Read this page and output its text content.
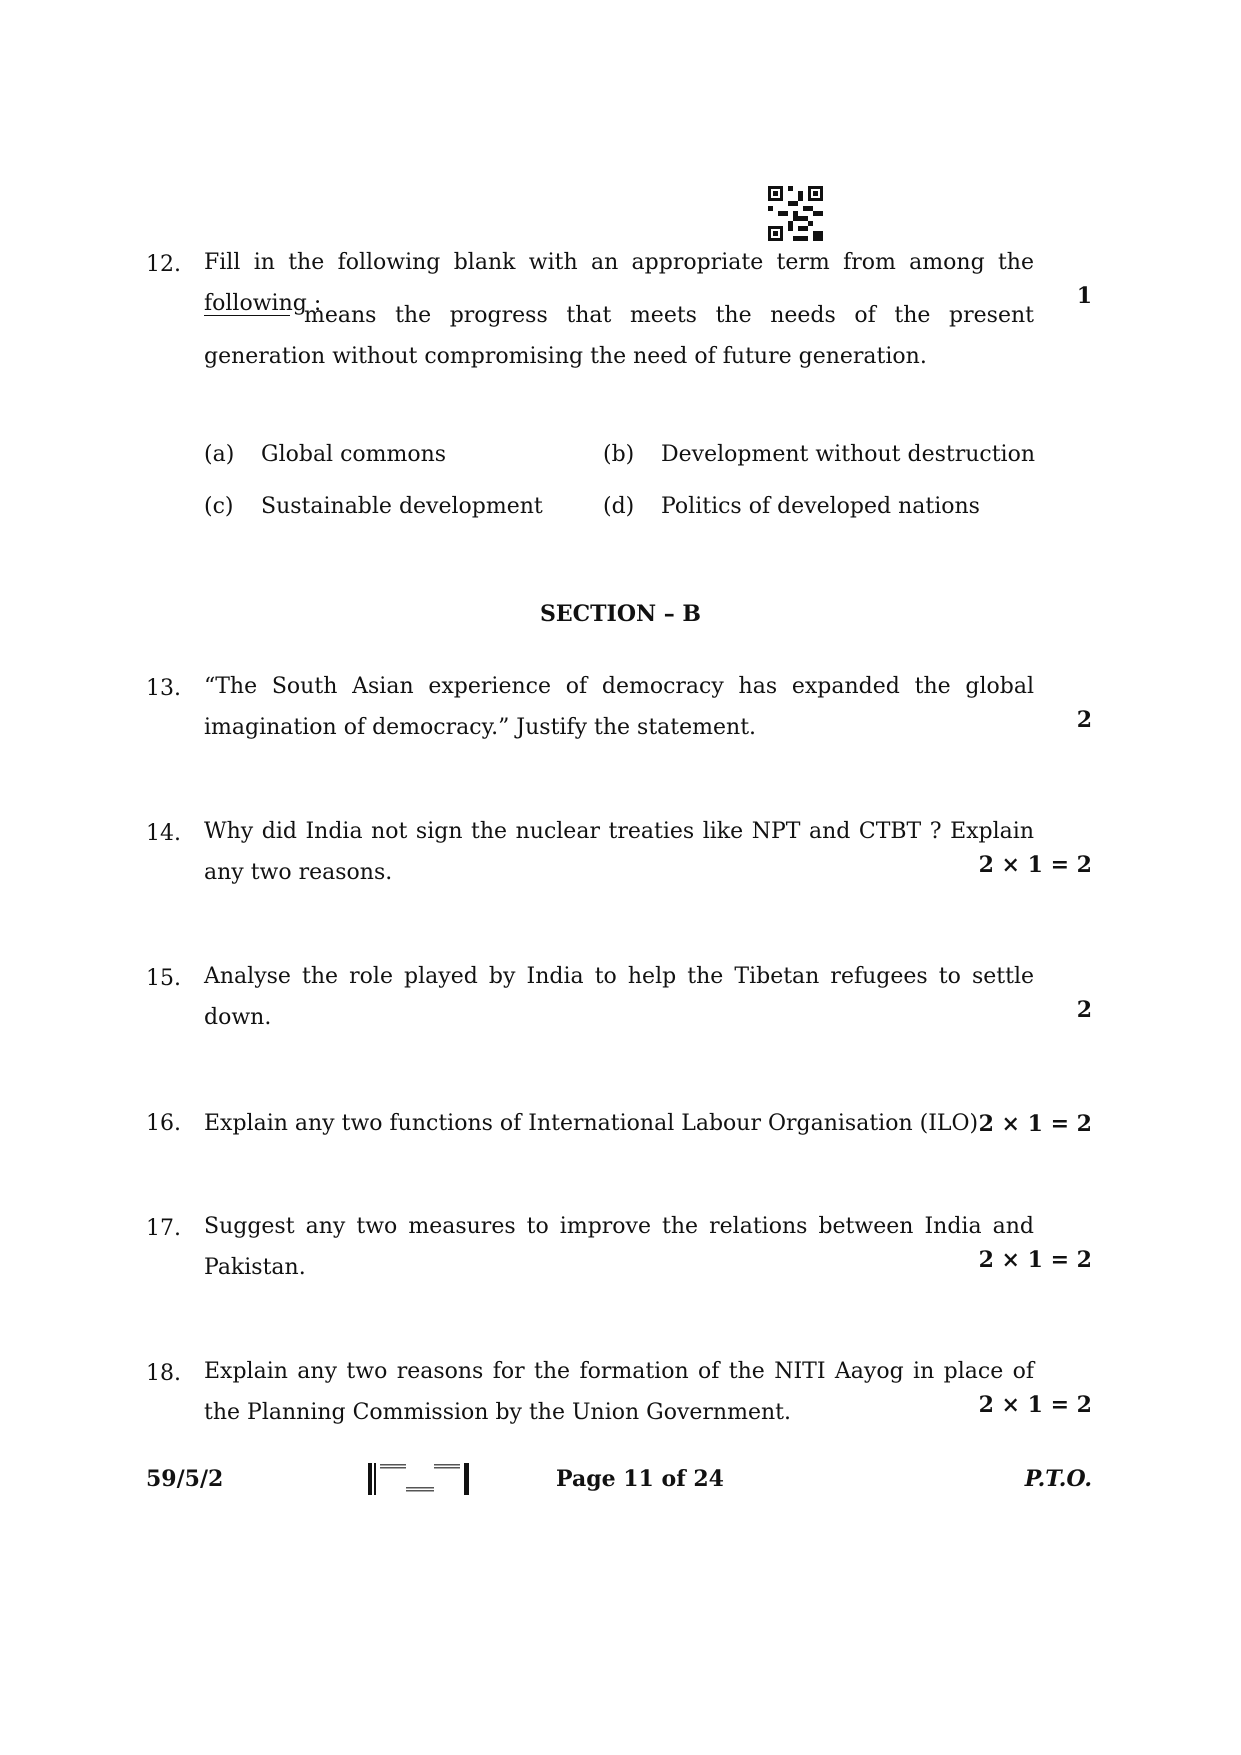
12. Fill in the following blank with an appropriate term from among the
following :	1
means the progress that meets the needs of the present
generation without compromising the need of future generation.
(a) Global commons	(b) Development without destruction
(c) Sustainable development	(d) Politics of developed nations
SECTION – B
13. “The South Asian experience of democracy has expanded the global
imagination of democracy.” Justify the statement.	2
14. Why did India not sign the nuclear treaties like NPT and CTBT ? Explain
any two reasons.	2 × 1 = 2
15. Analyse the role played by India to help the Tibetan refugees to settle
down.	2
16. Explain any two functions of International Labour Organisation (ILO).
2 × 1 = 2
17. Suggest any two measures to improve the relations between India and
Pakistan.	2 × 1 = 2
18. Explain any two reasons for the formation of the NITI Aayog in place of
the Planning Commission by the Union Government.	2 × 1 = 2
59/5/2	Page 11 of 24	P.T.O.
